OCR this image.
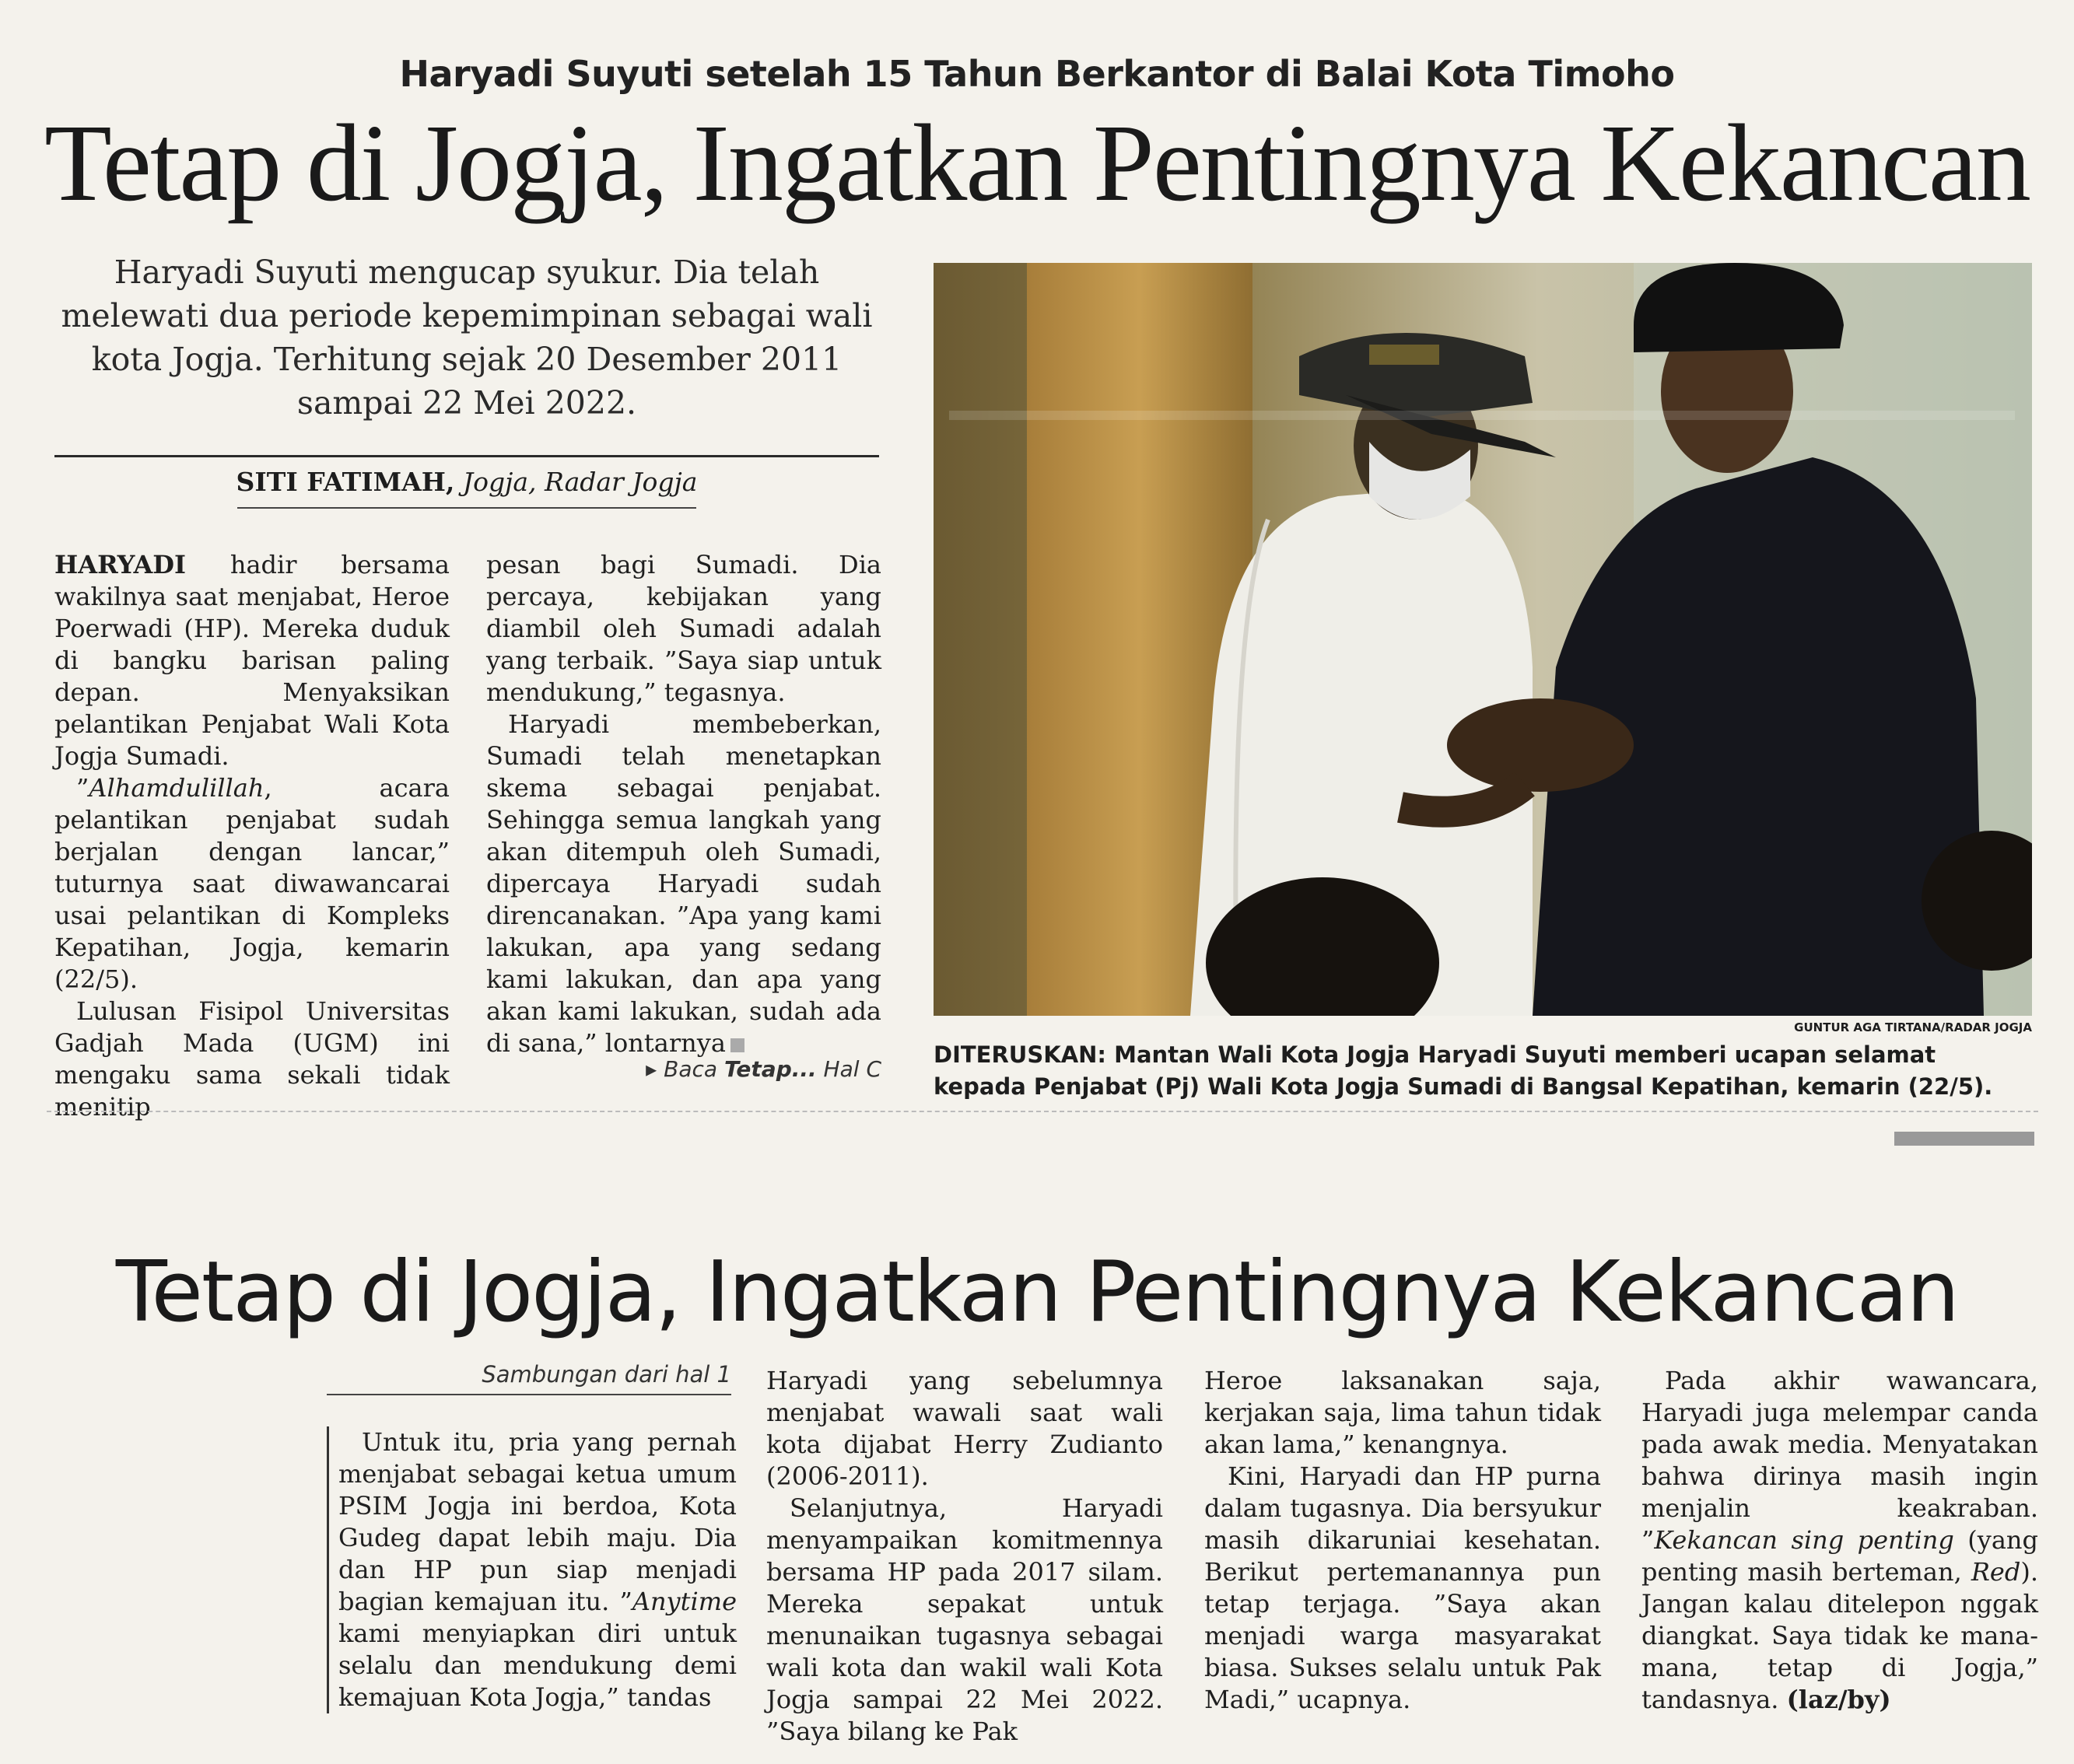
Haryadi Suyuti setelah 15 Tahun Berkantor di Balai Kota Timoho
Tetap di Jogja, Ingatkan Pentingnya Kekancan
Haryadi Suyuti mengucap syukur. Dia telah melewati dua periode kepemimpinan sebagai wali kota Jogja. Terhitung sejak 20 Desember 2011 sampai 22 Mei 2022.
SITI FATIMAH, Jogja, Radar Jogja

HARYADI hadir bersama wakilnya saat menjabat, Heroe Poerwadi (HP). Mereka duduk di bangku barisan paling depan. Menyaksikan pelantikan Penjabat Wali Kota Jogja Sumadi.

”Alhamdulillah, acara pelantikan penjabat sudah berjalan dengan lancar,” tuturnya saat diwawancarai usai pelantikan di Kompleks Kepatihan, Jogja, kemarin (22/5).

Lulusan Fisipol Universitas Gadjah Mada (UGM) ini mengaku sama sekali tidak menitip

pesan bagi Sumadi. Dia percaya, kebijakan yang diambil oleh Sumadi adalah yang terbaik. ”Saya siap untuk mendukung,” tegasnya.

Haryadi membeberkan, Sumadi telah menetapkan skema sebagai penjabat. Sehingga semua langkah yang akan ditempuh oleh Sumadi, dipercaya Haryadi sudah direncanakan. ”Apa yang kami lakukan, apa yang sedang kami lakukan, dan apa yang akan kami lakukan, sudah ada di sana,” lontarnya

▸ Baca Tetap... Hal C
GUNTUR AGA TIRTANA/RADAR JOGJA
DITERUSKAN: Mantan Wali Kota Jogja Haryadi Suyuti memberi ucapan selamat kepada Penjabat (Pj) Wali Kota Jogja Sumadi di Bangsal Kepatihan, kemarin (22/5).
Tetap di Jogja, Ingatkan Pentingnya Kekancan
Sambungan dari hal 1

Untuk itu, pria yang pernah menjabat sebagai ketua umum PSIM Jogja ini berdoa, Kota Gudeg dapat lebih maju. Dia dan HP pun siap menjadi bagian kemajuan itu. ”Anytime kami menyiapkan diri untuk selalu dan mendukung demi kemajuan Kota Jogja,” tandas

Haryadi yang sebelumnya menjabat wawali saat wali kota dijabat Herry Zudianto (2006-2011).

Selanjutnya, Haryadi menyampaikan komitmennya bersama HP pada 2017 silam. Mereka sepakat untuk menunaikan tugasnya sebagai wali kota dan wakil wali Kota Jogja sampai 22 Mei 2022. ”Saya bilang ke Pak

Heroe laksanakan saja, kerjakan saja, lima tahun tidak akan lama,” kenangnya.

Kini, Haryadi dan HP purna dalam tugasnya. Dia bersyukur masih dikaruniai kesehatan. Berikut pertemanannya pun tetap terjaga. ”Saya akan menjadi warga masyarakat biasa. Sukses selalu untuk Pak Madi,” ucapnya.

Pada akhir wawancara, Haryadi juga melempar canda pada awak media. Menyatakan bahwa dirinya masih ingin menjalin keakraban. ”Kekancan sing penting (yang penting masih berteman, Red). Jangan kalau ditelepon nggak diangkat. Saya tidak ke mana-mana, tetap di Jogja,” tandasnya. (laz/by)
